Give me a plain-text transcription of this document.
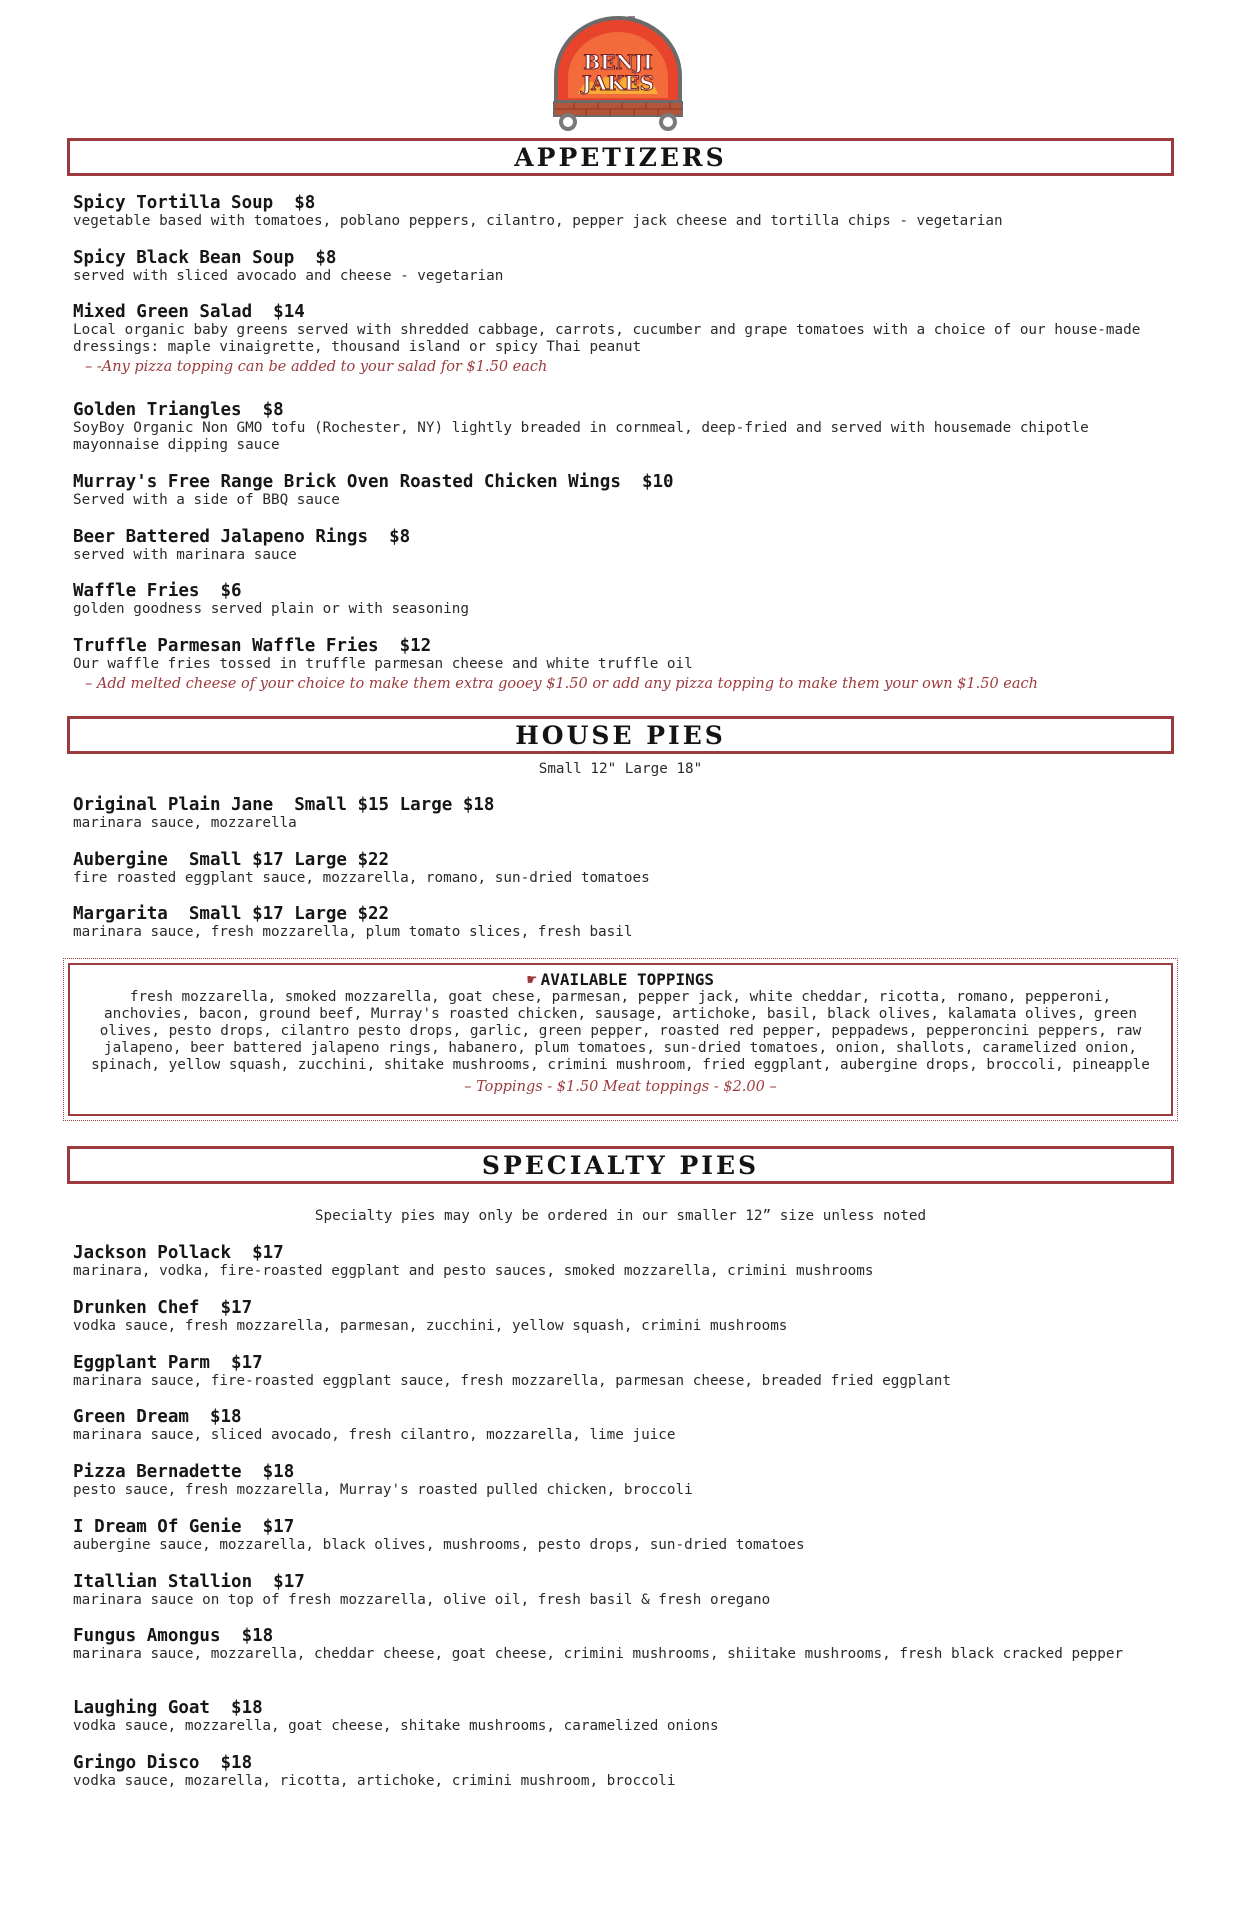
BENJI
JAKES
APPETIZERS
Spicy Tortilla Soup  $8
vegetable based with tomatoes, poblano peppers, cilantro, pepper jack cheese and tortilla chips - vegetarian
Spicy Black Bean Soup  $8
served with sliced avocado and cheese - vegetarian
Mixed Green Salad  $14
Local organic baby greens served with shredded cabbage, carrots, cucumber and grape tomatoes with a choice of our house-made dressings: maple vinaigrette, thousand island or spicy Thai peanut
– -Any pizza topping can be added to your salad for $1.50 each
Golden Triangles  $8
SoyBoy Organic Non GMO tofu (Rochester, NY) lightly breaded in cornmeal, deep-fried and served with housemade chipotle mayonnaise dipping sauce
Murray's Free Range Brick Oven Roasted Chicken Wings  $10
Served with a side of BBQ sauce
Beer Battered Jalapeno Rings  $8
served with marinara sauce
Waffle Fries  $6
golden goodness served plain or with seasoning
Truffle Parmesan Waffle Fries  $12
Our waffle fries tossed in truffle parmesan cheese and white truffle oil
– Add melted cheese of your choice to make them extra gooey $1.50 or add any pizza topping to make them your own $1.50 each
HOUSE PIES
Small 12" Large 18"
Original Plain Jane  Small $15 Large $18
marinara sauce, mozzarella
Aubergine  Small $17 Large $22
fire roasted eggplant sauce, mozzarella, romano, sun-dried tomatoes
Margarita  Small $17 Large $22
marinara sauce, fresh mozzarella, plum tomato slices, fresh basil
☛ AVAILABLE TOPPINGS
fresh mozzarella, smoked mozzarella, goat chese, parmesan, pepper jack, white cheddar, ricotta, romano, pepperoni, anchovies, bacon, ground beef, Murray's roasted chicken, sausage, artichoke, basil, black olives, kalamata olives, green olives, pesto drops, cilantro pesto drops, garlic, green pepper, roasted red pepper, peppadews, pepperoncini peppers, raw jalapeno, beer battered jalapeno rings, habanero, plum tomatoes, sun-dried tomatoes, onion, shallots, caramelized onion, spinach, yellow squash, zucchini, shitake mushrooms, crimini mushroom, fried eggplant, aubergine drops, broccoli, pineapple
– Toppings - $1.50 Meat toppings - $2.00 –
SPECIALTY PIES
Specialty pies may only be ordered in our smaller 12” size unless noted
Jackson Pollack  $17
marinara, vodka, fire-roasted eggplant and pesto sauces, smoked mozzarella, crimini mushrooms
Drunken Chef  $17
vodka sauce, fresh mozzarella, parmesan, zucchini, yellow squash, crimini mushrooms
Eggplant Parm  $17
marinara sauce, fire-roasted eggplant sauce, fresh mozzarella, parmesan cheese, breaded fried eggplant
Green Dream  $18
marinara sauce, sliced avocado, fresh cilantro, mozzarella, lime juice
Pizza Bernadette  $18
pesto sauce, fresh mozzarella, Murray's roasted pulled chicken, broccoli
I Dream Of Genie  $17
aubergine sauce, mozzarella, black olives, mushrooms, pesto drops, sun-dried tomatoes
Itallian Stallion  $17
marinara sauce on top of fresh mozzarella, olive oil, fresh basil & fresh oregano
Fungus Amongus  $18
marinara sauce, mozzarella, cheddar cheese, goat cheese, crimini mushrooms, shiitake mushrooms, fresh black cracked pepper
Laughing Goat  $18
vodka sauce, mozzarella, goat cheese, shitake mushrooms, caramelized onions
Gringo Disco  $18
vodka sauce, mozarella, ricotta, artichoke, crimini mushroom, broccoli
